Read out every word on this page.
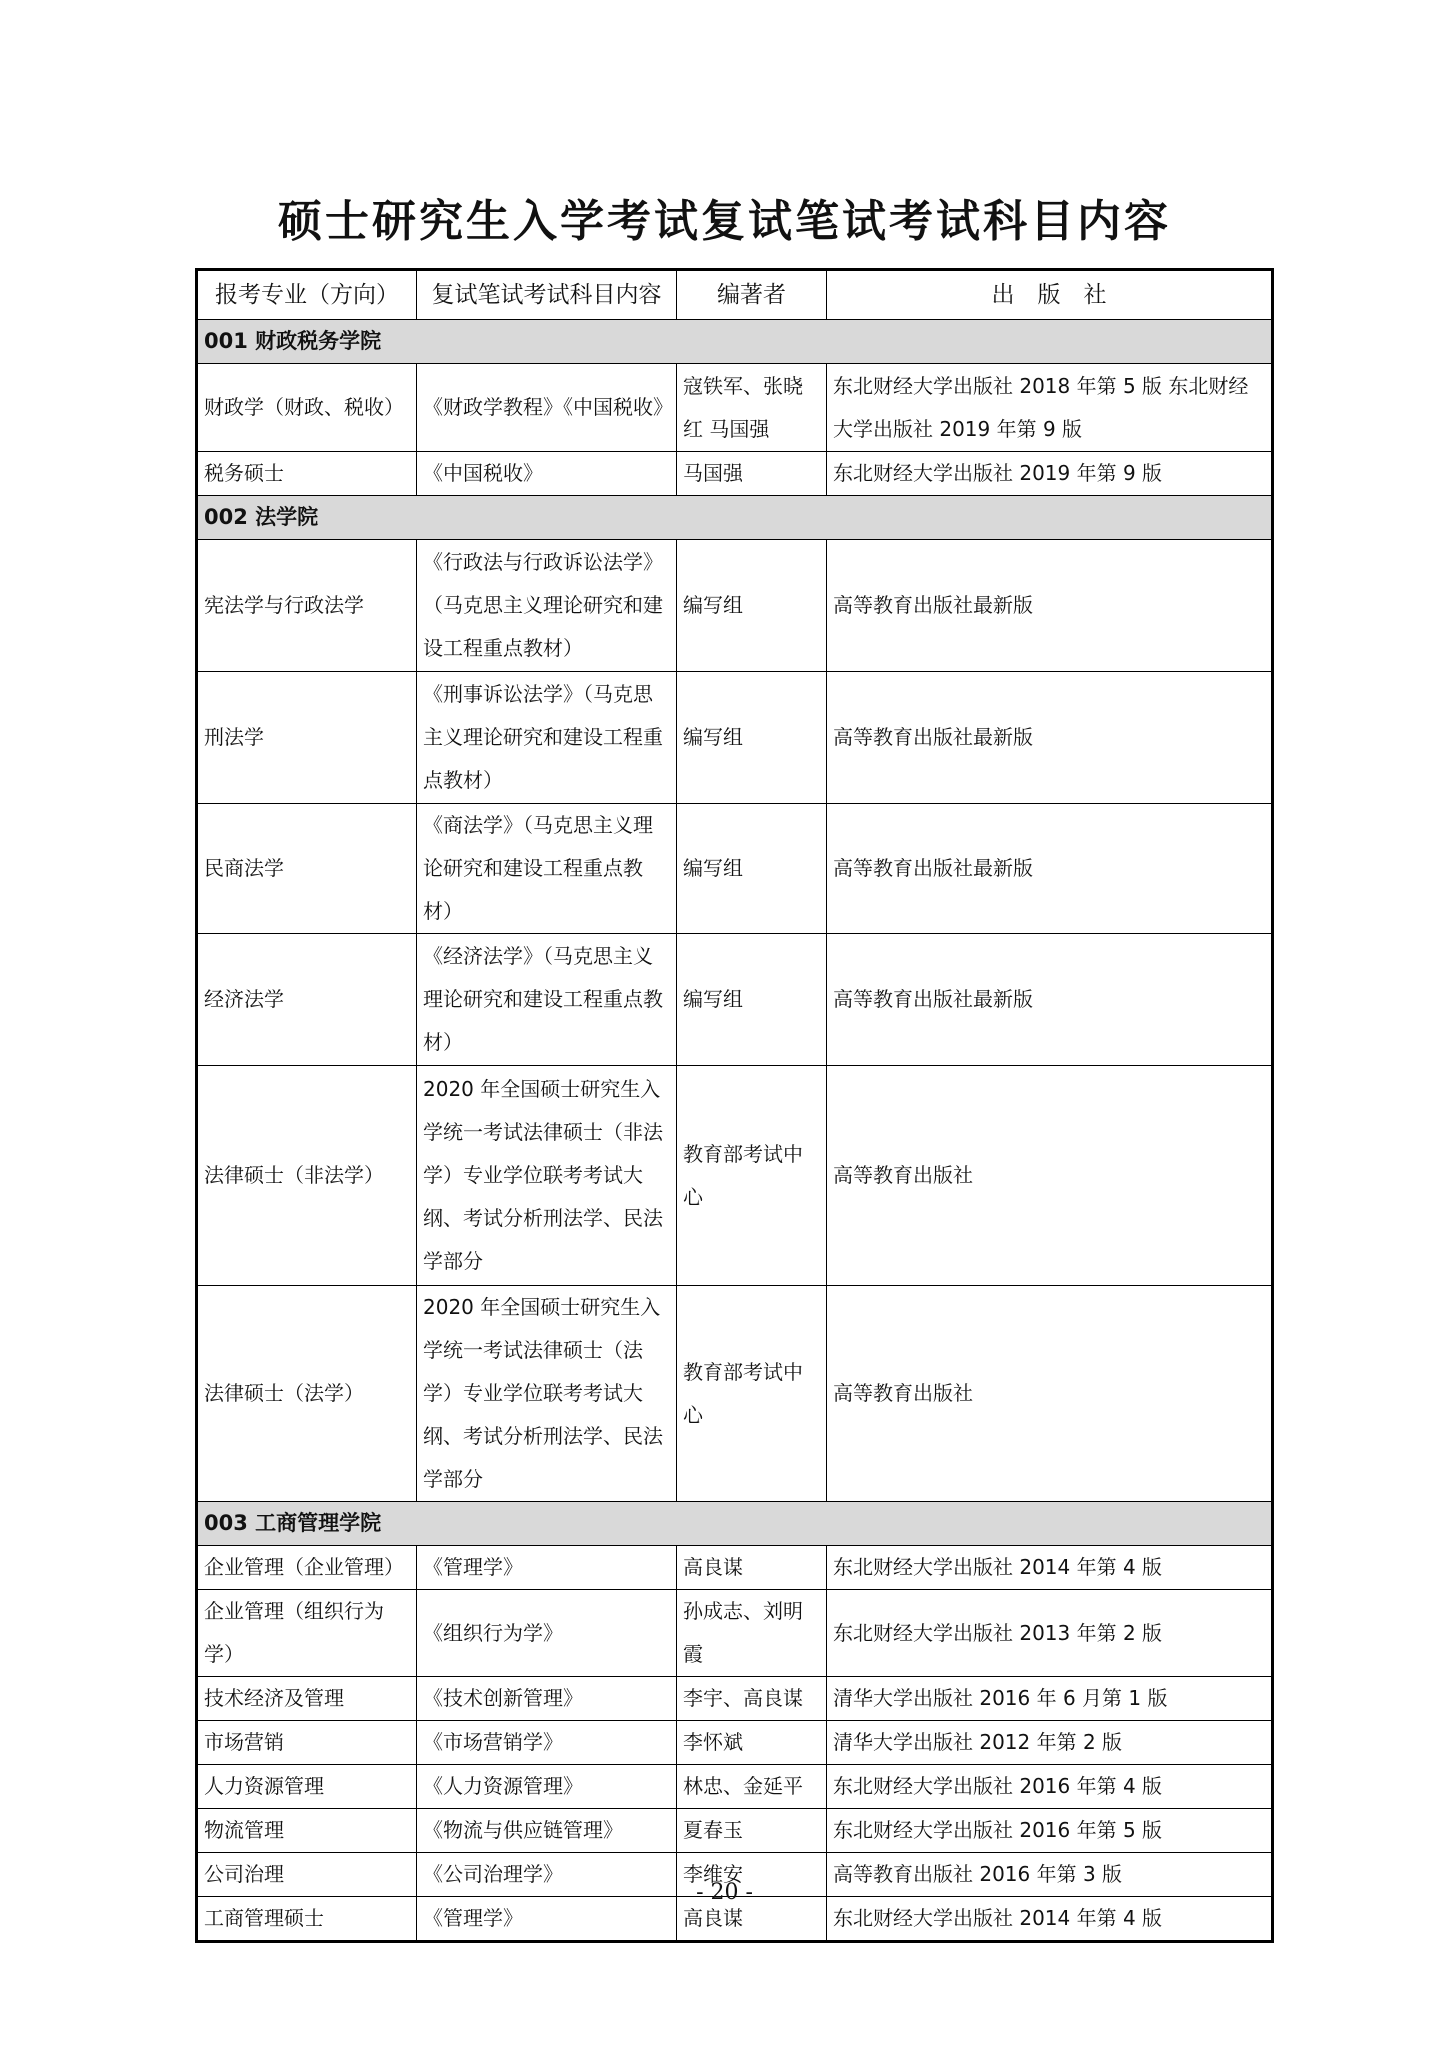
硕士研究生入学考试复试笔试考试科目内容
报考专业（方向）	复试笔试考试科目内容	编著者	出　版　社
001 财政税务学院			
财政学（财政、税收）	《财政学教程》《中国税收》	寇铁军、张晓红 马国强	东北财经大学出版社 2018 年第 5 版 东北财经大学出版社 2019 年第 9 版
税务硕士	《中国税收》	马国强	东北财经大学出版社 2019 年第 9 版
002 法学院			
宪法学与行政法学	《行政法与行政诉讼法学》（马克思主义理论研究和建设工程重点教材）	编写组	高等教育出版社最新版
刑法学	《刑事诉讼法学》（马克思主义理论研究和建设工程重点教材）	编写组	高等教育出版社最新版
民商法学	《商法学》（马克思主义理论研究和建设工程重点教材）	编写组	高等教育出版社最新版
经济法学	《经济法学》（马克思主义理论研究和建设工程重点教材）	编写组	高等教育出版社最新版
法律硕士（非法学）	2020 年全国硕士研究生入学统一考试法律硕士（非法学）专业学位联考考试大纲、考试分析刑法学、民法学部分	教育部考试中心	高等教育出版社
法律硕士（法学）	2020 年全国硕士研究生入学统一考试法律硕士（法学）专业学位联考考试大纲、考试分析刑法学、民法学部分	教育部考试中心	高等教育出版社
003 工商管理学院			
企业管理（企业管理）	《管理学》	高良谋	东北财经大学出版社 2014 年第 4 版
企业管理（组织行为学）	《组织行为学》	孙成志、刘明霞	东北财经大学出版社 2013 年第 2 版
技术经济及管理	《技术创新管理》	李宇、高良谋	清华大学出版社 2016 年 6 月第 1 版
市场营销	《市场营销学》	李怀斌	清华大学出版社 2012 年第 2 版
人力资源管理	《人力资源管理》	林忠、金延平	东北财经大学出版社 2016 年第 4 版
物流管理	《物流与供应链管理》	夏春玉	东北财经大学出版社 2016 年第 5 版
公司治理	《公司治理学》	李维安	高等教育出版社 2016 年第 3 版
工商管理硕士	《管理学》	高良谋	东北财经大学出版社 2014 年第 4 版
- 20 -
